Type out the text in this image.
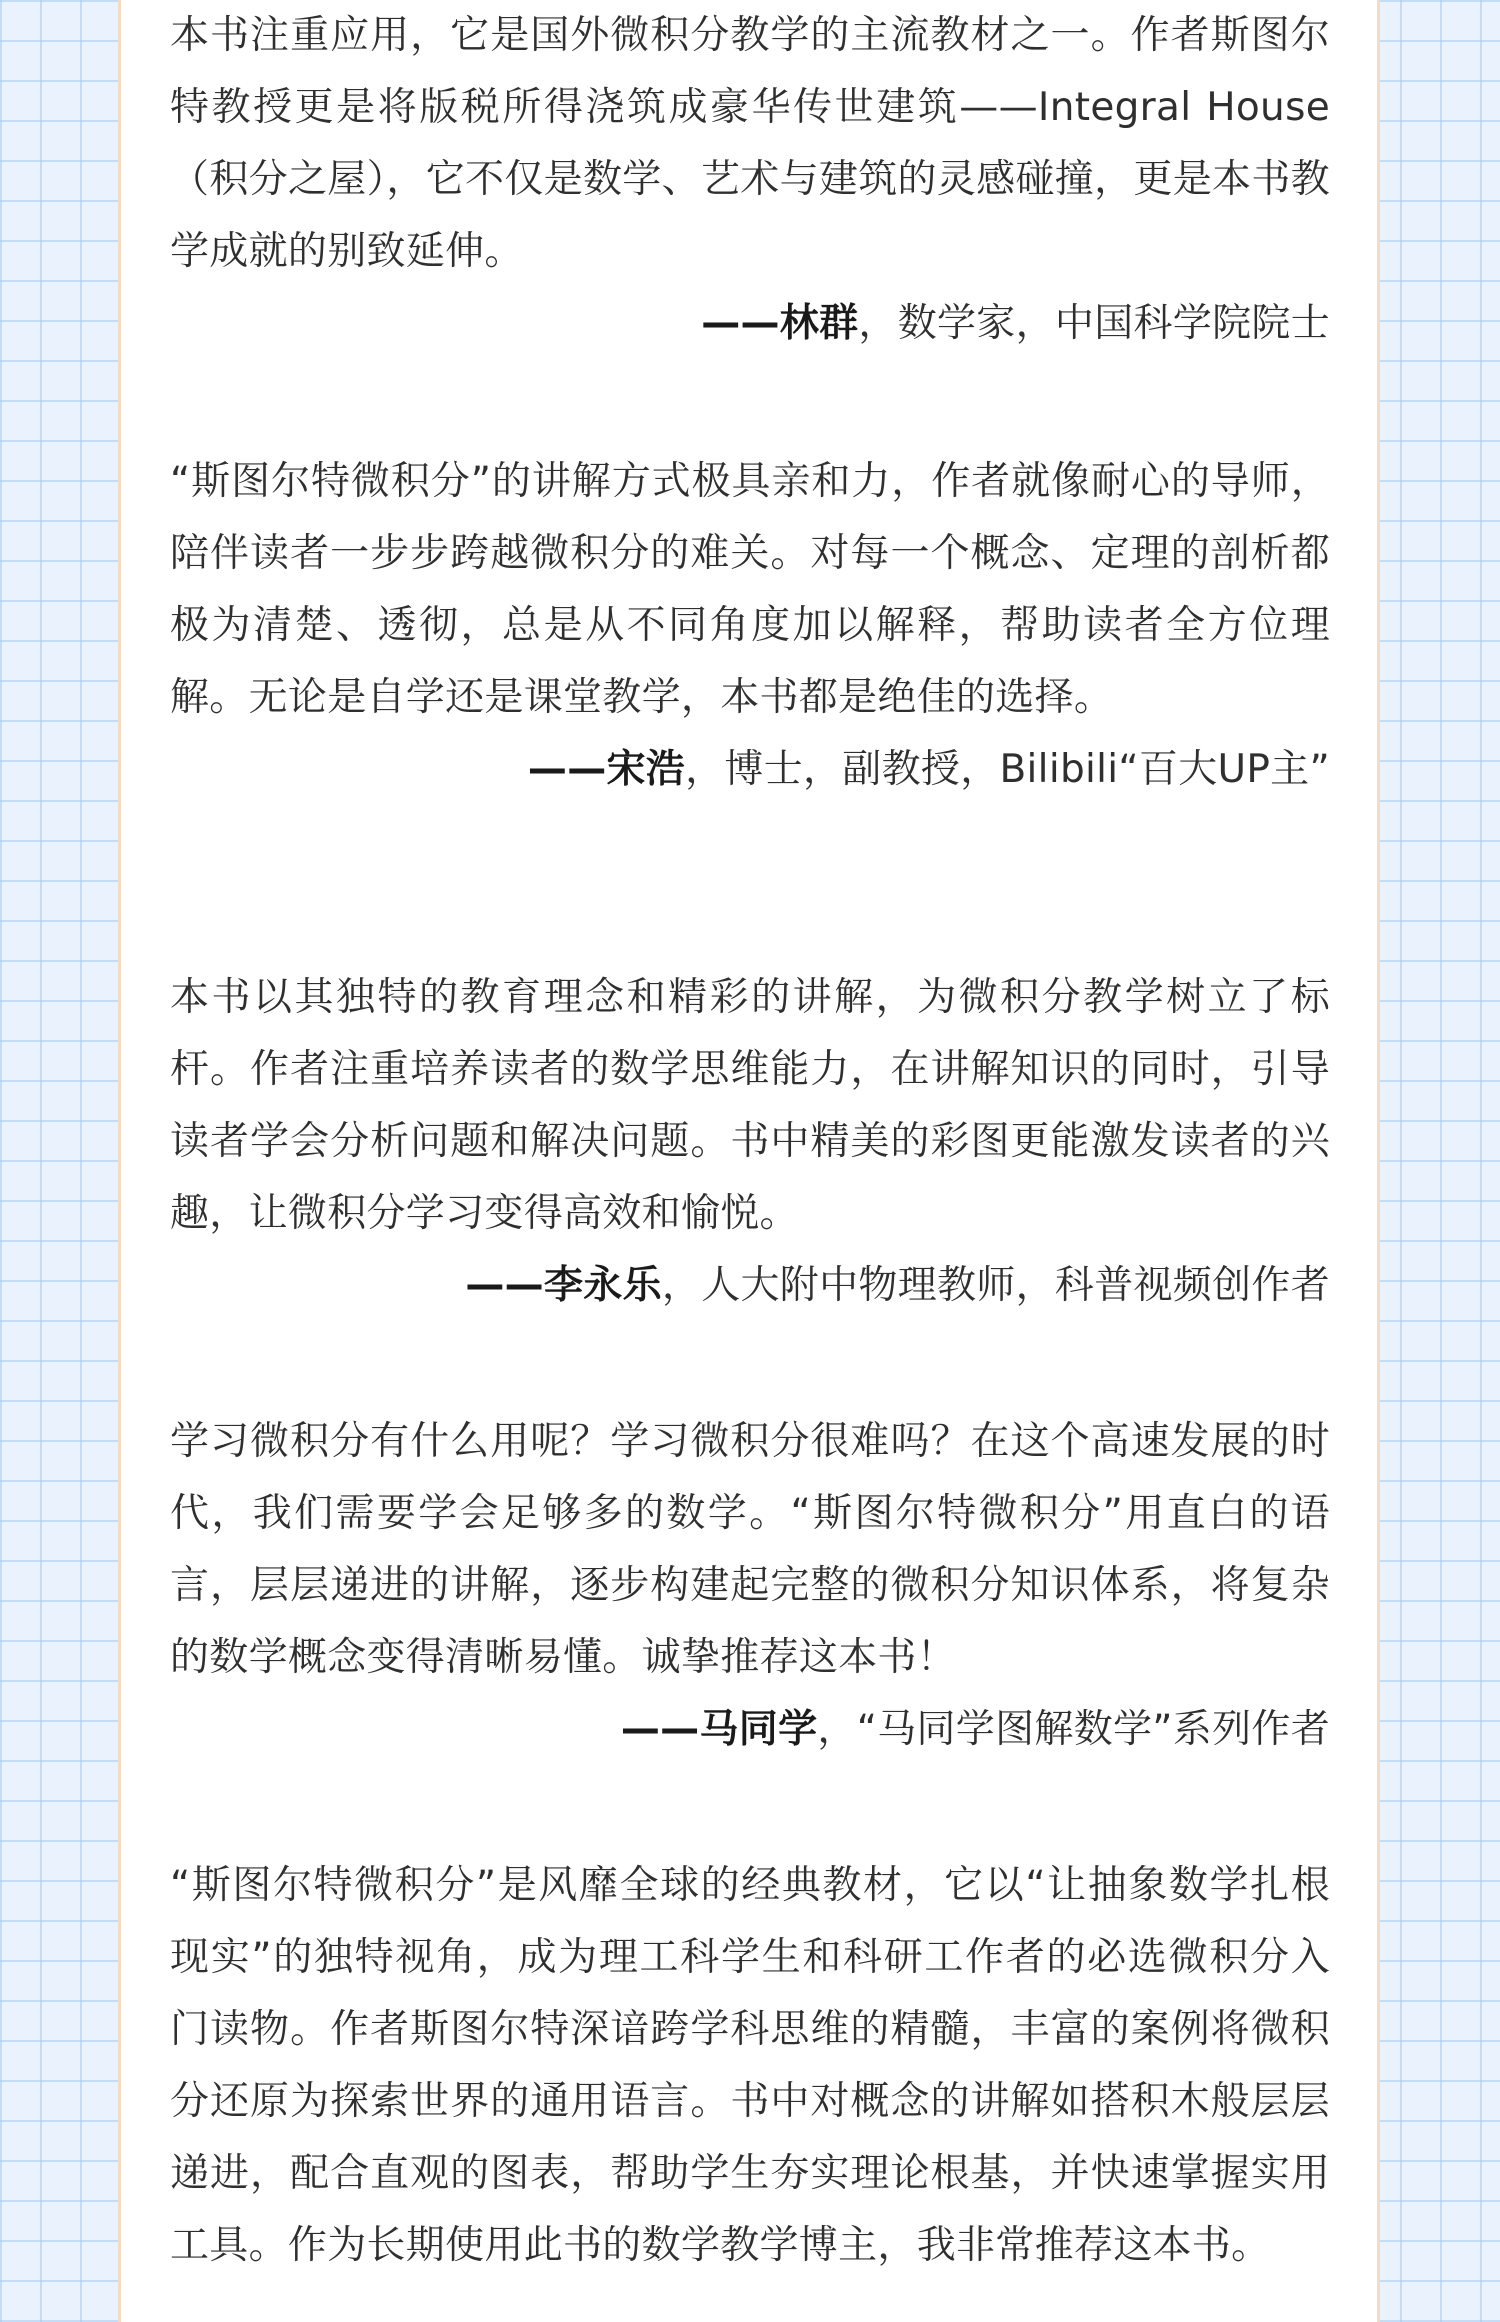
本书注重应用，它是国外微积分教学的主流教材之一。作者斯图尔特教授更是将版税所得浇筑成豪华传世建筑——Integral House（积分之屋），它不仅是数学、艺术与建筑的灵感碰撞，更是本书教学成就的别致延伸。

——林群，数学家，中国科学院院士

“斯图尔特微积分”的讲解方式极具亲和力，作者就像耐心的导师，陪伴读者一步步跨越微积分的难关。对每一个概念、定理的剖析都极为清楚、透彻，总是从不同角度加以解释，帮助读者全方位理解。无论是自学还是课堂教学，本书都是绝佳的选择。

——宋浩，博士，副教授，Bilibili“百大UP主”

本书以其独特的教育理念和精彩的讲解，为微积分教学树立了标杆。作者注重培养读者的数学思维能力，在讲解知识的同时，引导读者学会分析问题和解决问题。书中精美的彩图更能激发读者的兴趣，让微积分学习变得高效和愉悦。

——李永乐，人大附中物理教师，科普视频创作者

学习微积分有什么用呢？学习微积分很难吗？在这个高速发展的时代，我们需要学会足够多的数学。“斯图尔特微积分”用直白的语言，层层递进的讲解，逐步构建起完整的微积分知识体系，将复杂的数学概念变得清晰易懂。诚挚推荐这本书！

——马同学，“马同学图解数学”系列作者

“斯图尔特微积分”是风靡全球的经典教材，它以“让抽象数学扎根现实”的独特视角，成为理工科学生和科研工作者的必选微积分入门读物。作者斯图尔特深谙跨学科思维的精髓，丰富的案例将微积分还原为探索世界的通用语言。书中对概念的讲解如搭积木般层层递进，配合直观的图表，帮助学生夯实理论根基，并快速掌握实用工具。作为长期使用此书的数学教学博主，我非常推荐这本书。
